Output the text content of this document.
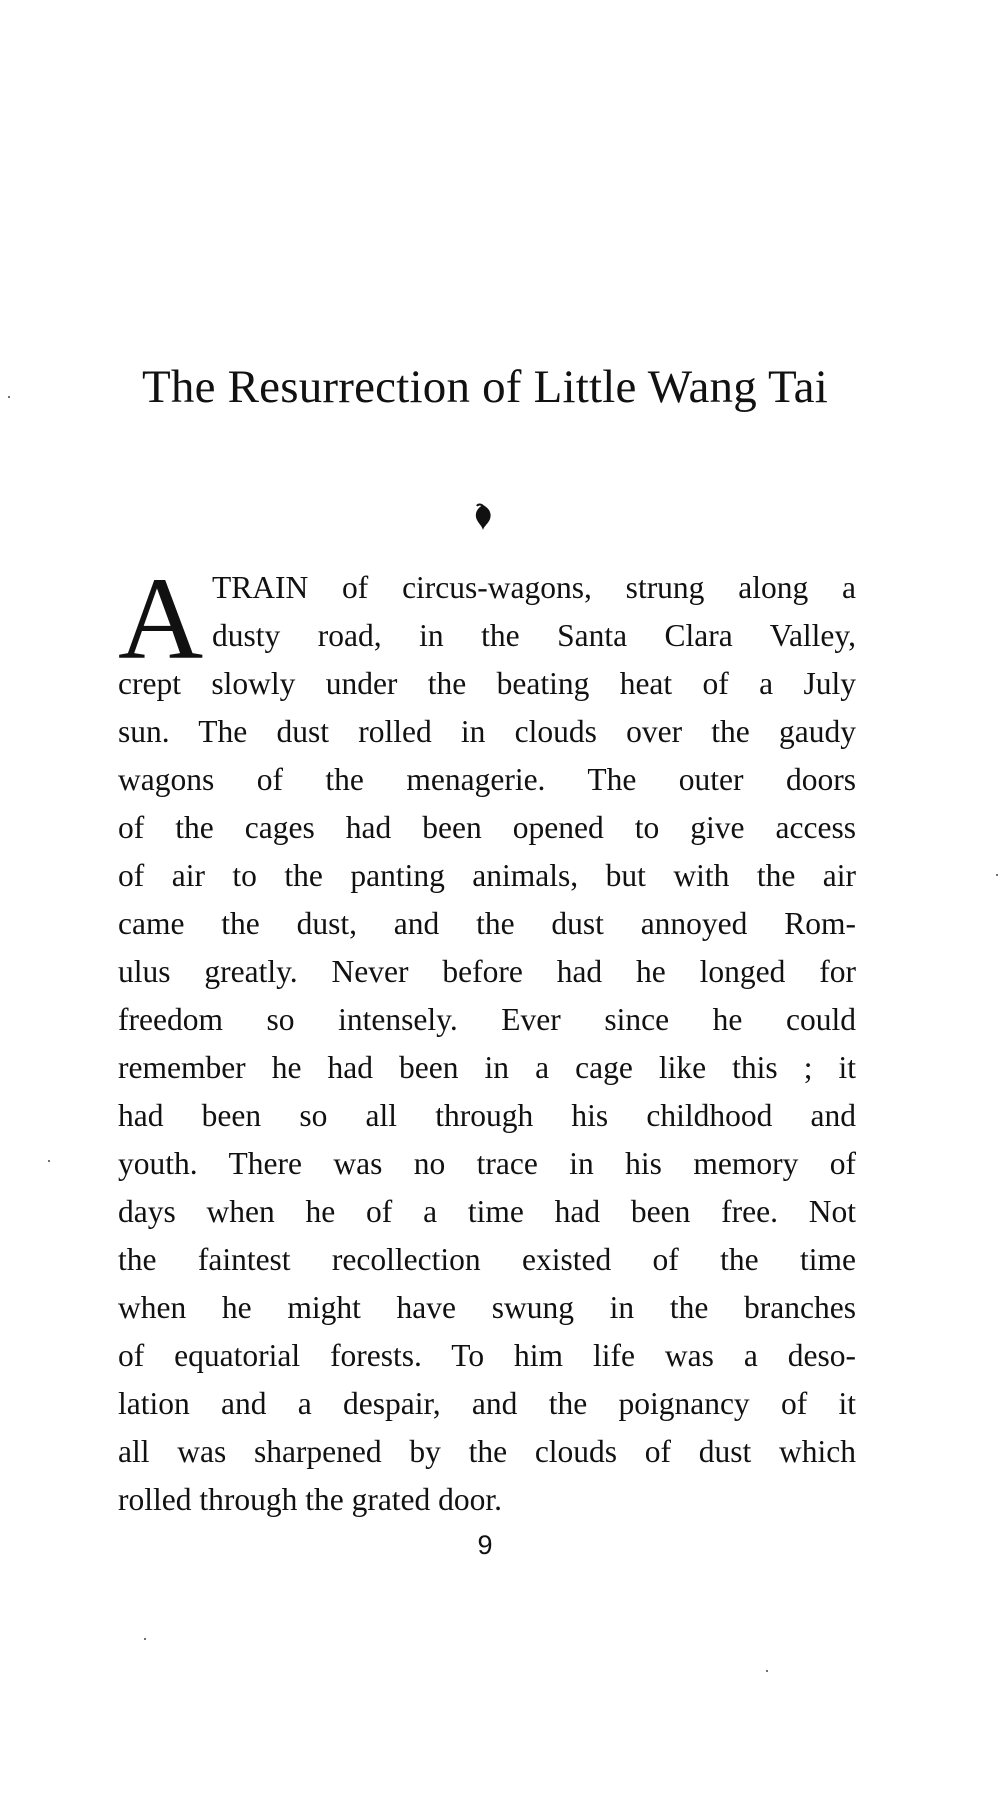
The Resurrection of Little Wang Tai
A TRAIN of circus-wagons, strung along a
dusty road, in the Santa Clara Valley,
crept slowly under the beating heat of a July
sun. The dust rolled in clouds over the gaudy
wagons of the menagerie. The outer doors
of the cages had been opened to give access
of air to the panting animals, but with the air
came the dust, and the dust annoyed Rom-
ulus greatly. Never before had he longed for
freedom so intensely. Ever since he could
remember he had been in a cage like this ; it
had been so all through his childhood and
youth. There was no trace in his memory of
days when he of a time had been free. Not
the faintest recollection existed of the time
when he might have swung in the branches
of equatorial forests. To him life was a deso-
lation and a despair, and the poignancy of it
all was sharpened by the clouds of dust which
rolled through the grated door.
9
